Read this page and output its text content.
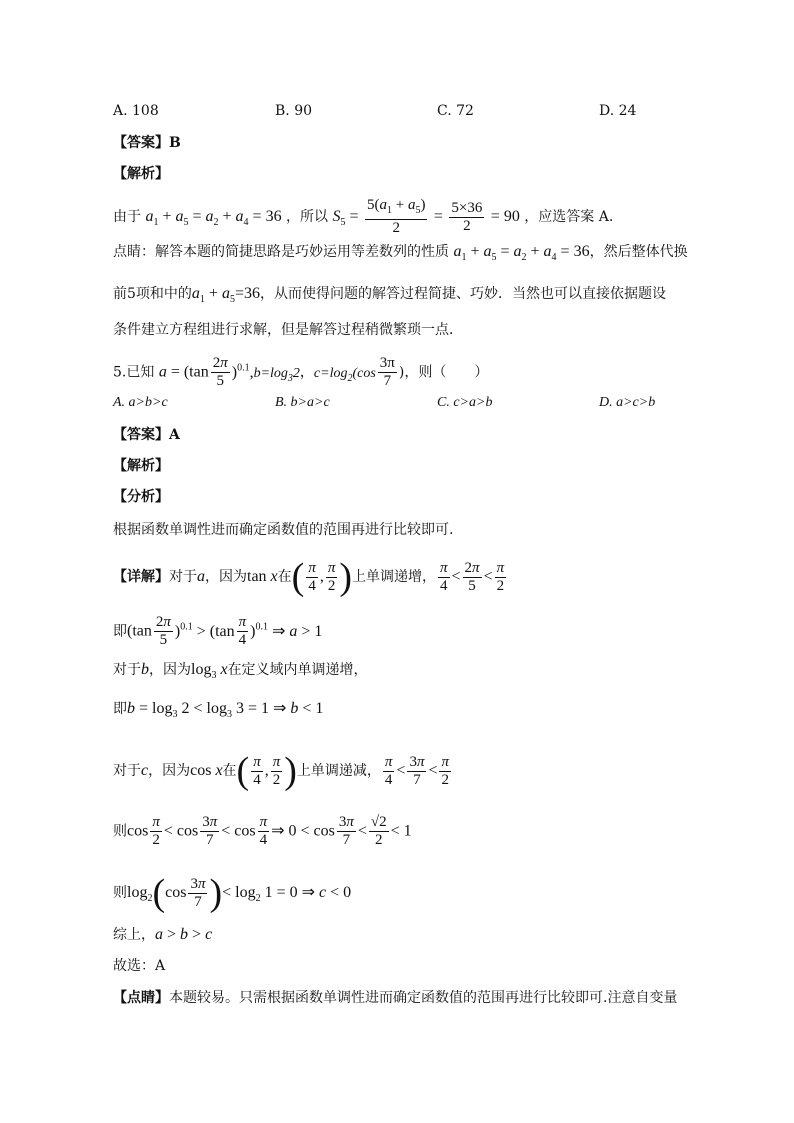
A. 108	B. 90	C. 72	D. 24
【答案】B
【解析】
由于 $a_1 + a_5 = a_2 + a_4 = 36$ ，所以 $S_5 = \frac{5(a_1 + a_5)}{2} = \frac{5\times 36}{2} = 90$ ，应选答案 A.
点睛：解答本题的简捷思路是巧妙运用等差数列的性质 $a_1 + a_5 = a_2 + a_4 = 36$，然后整体代换
前5项和中的$a_1 + a_5=36$，从而使得问题的解答过程简捷、巧妙．当然也可以直接依据题设
条件建立方程组进行求解，但是解答过程稍微繁琐一点．
5.已知 $a = (\tan \frac{2\pi}{5} )^{0.1},b=\log_32$，$c=\log_2(\cos \frac{3\pi}{7}$ )，则（　　）
A. a>b>c	B. b>a>c	C. c>a>b	D. a>c>b
【答案】A
【解析】
【分析】
根据函数单调性进而确定函数值的范围再进行比较即可.
【详解】对于a，因为tan x在( $\frac{\pi}{4}$ , $\frac{\pi}{2}$ )上单调递增， $\frac{\pi}{4} < \frac{2\pi}{5} < \frac{\pi}{2}$
即$(\tan \frac{2\pi}{5} )^{0.1} > (\tan \frac{\pi}{4} )^{0.1}$ ⇒ a > 1
对于b，因为$\log_3 x$在定义域内单调递增，
即$b = \log_3 2 < \log_3 3 = 1$ ⇒ b < 1
对于c，因为cos x在( $\frac{\pi}{4}$ , $\frac{\pi}{2}$ )上单调递减， $\frac{\pi}{4} < \frac{3\pi}{7} < \frac{\pi}{2}$
则$\cos \frac{\pi}{2} < \cos \frac{3\pi}{7} < \cos \frac{\pi}{4}$ ⇒ $0 < \cos \frac{3\pi}{7} < \frac{√2}{2} < 1$
则$\log_2(\cos \frac{3\pi}{7}$ )< $\log_2 1 = 0$ ⇒ c < 0
综上，a > b > c
故选：A
【点睛】本题较易。只需根据函数单调性进而确定函数值的范围再进行比较即可.注意自变量
